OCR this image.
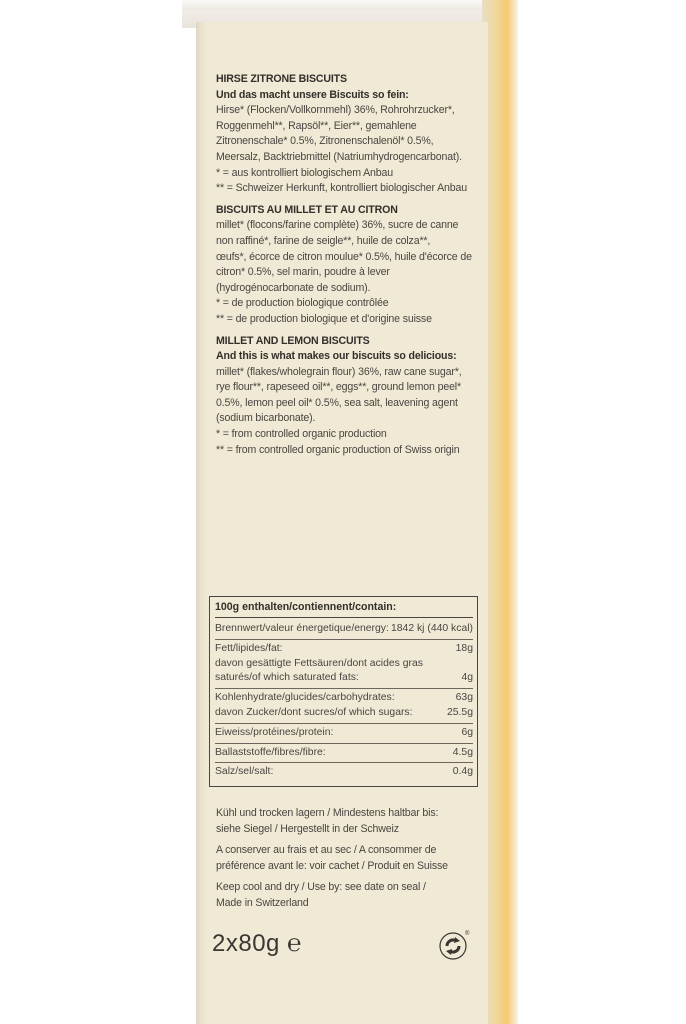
HIRSE ZITRONE BISCUITS

Und das macht unsere Biscuits so fein:

Hirse* (Flocken/Vollkornmehl) 36%, Rohrohrzucker*,

Roggenmehl**, Rapsöl**, Eier**, gemahlene

Zitronenschale* 0.5%, Zitronenschalenöl* 0.5%,

Meersalz, Backtriebmittel (Natriumhydrogencarbonat).

* = aus kontrolliert biologischem Anbau

** = Schweizer Herkunft, kontrolliert biologischer Anbau

BISCUITS AU MILLET ET AU CITRON

millet* (flocons/farine complète) 36%, sucre de canne

non raffiné*, farine de seigle**, huile de colza**,

œufs*, écorce de citron moulue* 0.5%, huile d'écorce de

citron* 0.5%, sel marin, poudre à lever

(hydrogénocarbonate de sodium).

* = de production biologique contrôlée

** = de production biologique et d'origine suisse

MILLET AND LEMON BISCUITS

And this is what makes our biscuits so delicious:

millet* (flakes/wholegrain flour) 36%, raw cane sugar*,

rye flour**, rapeseed oil**, eggs**, ground lemon peel*

0.5%, lemon peel oil* 0.5%, sea salt, leavening agent

(sodium bicarbonate).

* = from controlled organic production

** = from controlled organic production of Swiss origin

100g enthalten/contiennent/contain:
Brennwert/valeur énergetique/energy: 1842 kj (440 kcal)
Fett/lipides/fat:	18g
davon gesättigte Fettsäuren/dont acides gras
saturés/of which saturated fats:	4g
Kohlenhydrate/glucides/carbohydrates:	63g
davon Zucker/dont sucres/of which sugars:	25.5g
Eiweiss/protéines/protein:	6g
Ballaststoffe/fibres/fibre:	4.5g
Salz/sel/salt:	0.4g

Kühl und trocken lagern / Mindestens haltbar bis:

siehe Siegel / Hergestellt in der Schweiz

A conserver au frais et au sec / A consommer de

préférence avant le: voir cachet / Produit en Suisse

Keep cool and dry / Use by: see date on seal /

Made in Switzerland

2x80g ℮	®
